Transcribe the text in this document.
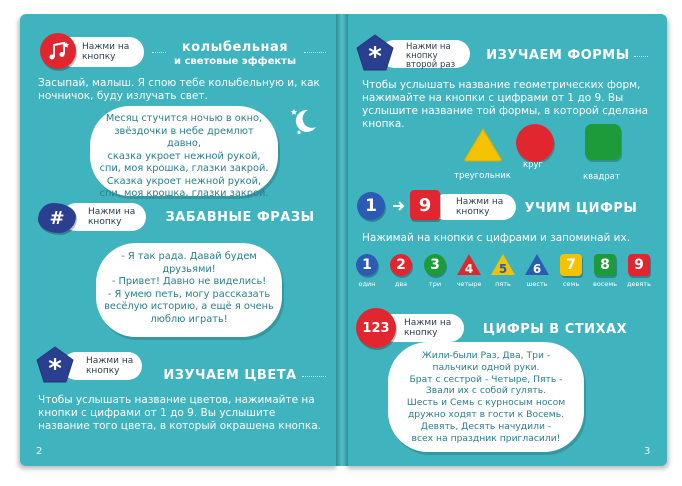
Нажми на кнопку
колыбельная
и световые эффекты
Засыпай, малыш. Я спою тебе колыбельную и, как ночничок, буду излучать свет.
Месяц стучится ночью в окно,
звёздочки в небе дремлют давно,
сказка укроет нежной рукой,
спи, моя крошка, глазки закрой.
Сказка укроет нежной рукой,
спи, моя крошка, глазки закрой.
#	Нажми на кнопку	ЗАБАВНЫЕ ФРАЗЫ
- Я так рада. Давай будем
друзьями!
- Привет! Давно не виделись!
- Я умею петь, могу рассказать
весёлую историю, а ещё я очень
люблю играть!
*	Нажми на кнопку	ИЗУЧАЕМ ЦВЕТА
Чтобы услышать название цветов, нажимайте на кнопки с цифрами от 1 до 9. Вы услышите название того цвета, в который окрашена кнопка.
2
*	Нажми на кнопку второй раз
ИЗУЧАЕМ ФОРМЫ
Чтобы услышать название геометрических форм, нажимайте на кнопки с цифрами от 1 до 9. Вы услышите название той формы, в которой сделана кнопка.
треугольник
круг
квадрат
1	9	Нажми на кнопку	УЧИМ ЦИФРЫ
Нажимай на кнопки с цифрами и запоминай их.
1
один
2
два
3
три
4
четыре
5
пять
6
шесть
7
семь
8
восемь
9
девять
123	Нажми на кнопку	ЦИФРЫ В СТИХАХ
Жили-были Раз, Два, Три -
пальчики одной руки.
Брат с сестрой - Четыре, Пять -
Звали их с собой гулять.
Шесть и Семь с курносым носом
дружно ходят в гости к Восемь.
Девять, Десять начудили -
всех на праздник пригласили!
3
